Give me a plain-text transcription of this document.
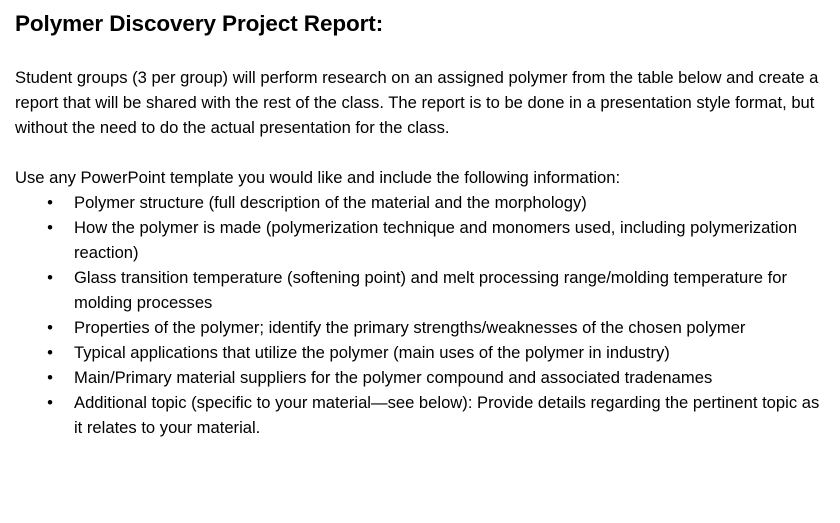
Polymer Discovery Project Report:

Student groups (3 per group) will perform research on an assigned polymer from the table below and create a report that will be shared with the rest of the class. The report is to be done in a presentation style format, but without the need to do the actual presentation for the class.

Use any PowerPoint template you would like and include the following information:

• Polymer structure (full description of the material and the morphology)
• How the polymer is made (polymerization technique and monomers used, including polymerization reaction)
• Glass transition temperature (softening point) and melt processing range/molding temperature for molding processes
• Properties of the polymer; identify the primary strengths/weaknesses of the chosen polymer
• Typical applications that utilize the polymer (main uses of the polymer in industry)
• Main/Primary material suppliers for the polymer compound and associated tradenames
• Additional topic (specific to your material—see below): Provide details regarding the pertinent topic as it relates to your material.
